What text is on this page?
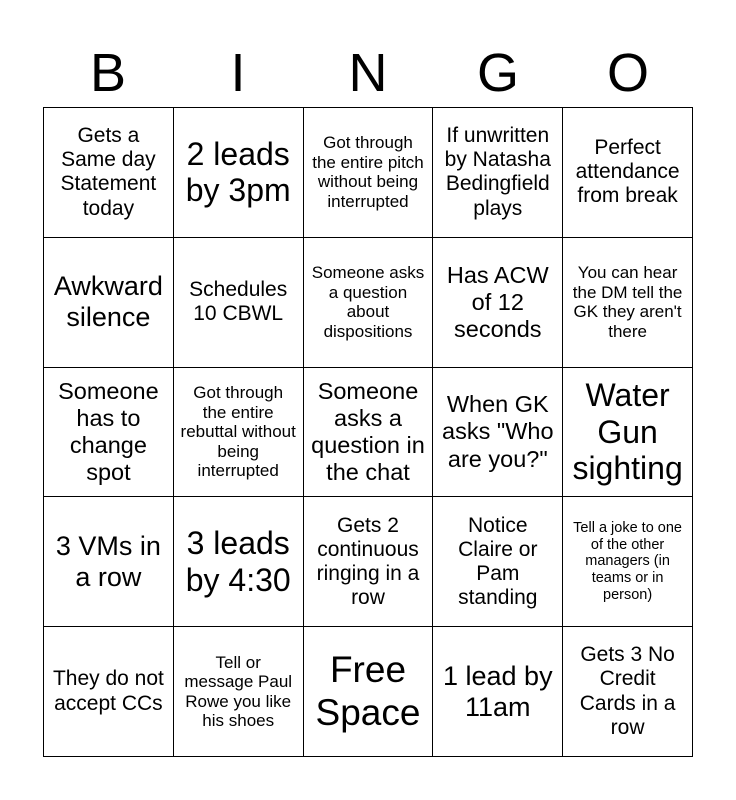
B	I	N	G	O
Gets a Same day Statement today
2 leads by 3pm
Got through the entire pitch without being interrupted
If unwritten by Natasha Bedingfield plays
Perfect attendance from break
Awkward silence
Schedules 10 CBWL
Someone asks a question about dispositions
Has ACW of 12 seconds
You can hear the DM tell the GK they aren't there
Someone has to change spot
Got through the entire rebuttal without being interrupted
Someone asks a question in the chat
When GK asks "Who are you?"
Water Gun sighting
3 VMs in a row
3 leads by 4:30
Gets 2 continuous ringing in a row
Notice Claire or Pam standing
Tell a joke to one of the other managers (in teams or in person)
They do not accept CCs
Tell or message Paul Rowe you like his shoes
Free Space
1 lead by 11am
Gets 3 No Credit Cards in a row
